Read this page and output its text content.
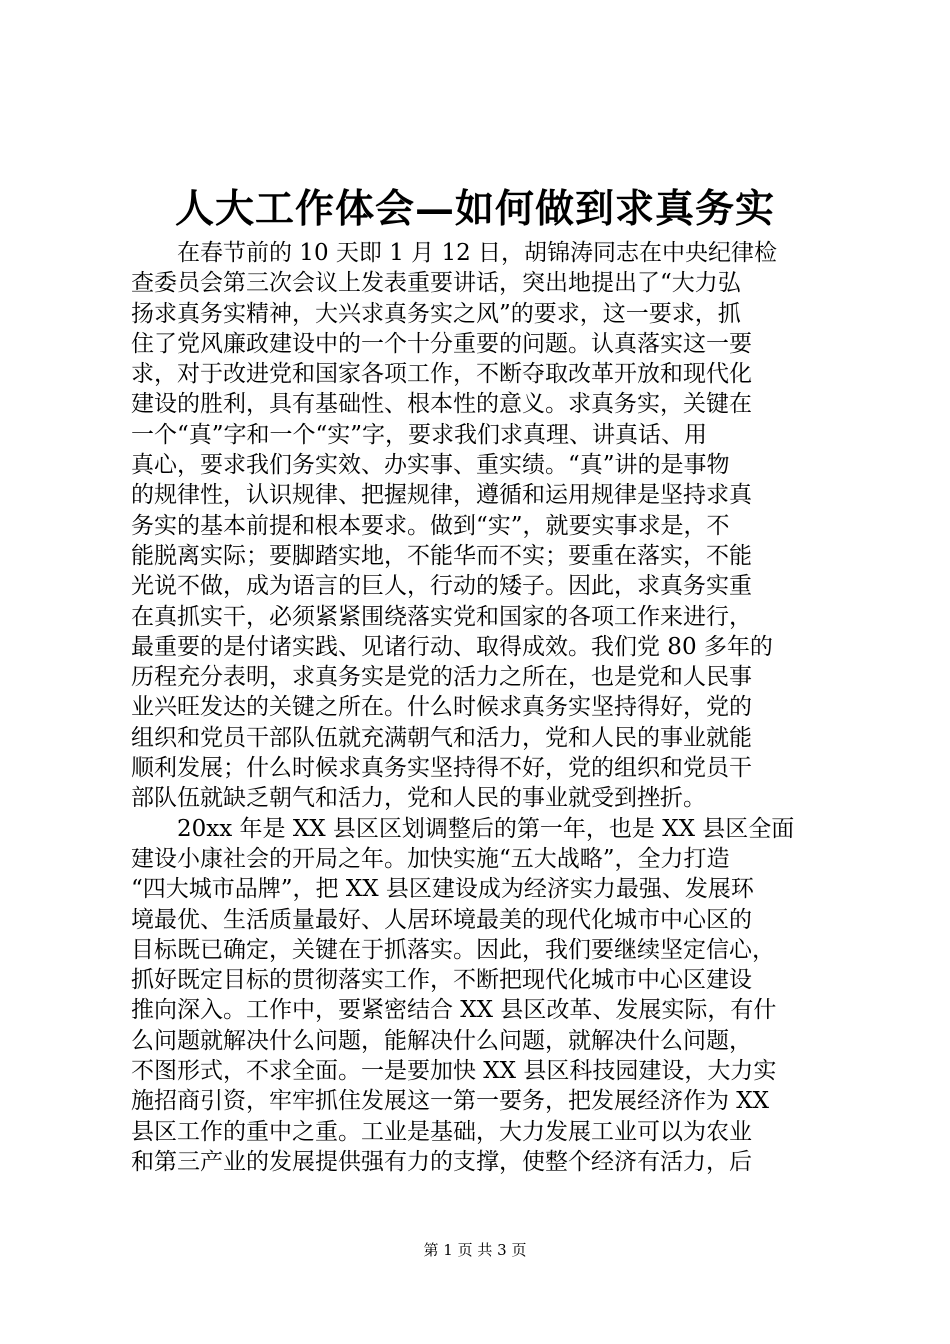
人大工作体会—如何做到求真务实
　　在春节前的 10 天即 1 月 12 日，胡锦涛同志在中央纪律检
查委员会第三次会议上发表重要讲话，突出地提出了“大力弘
扬求真务实精神，大兴求真务实之风”的要求，这一要求，抓
住了党风廉政建设中的一个十分重要的问题。认真落实这一要
求，对于改进党和国家各项工作，不断夺取改革开放和现代化
建设的胜利，具有基础性、根本性的意义。求真务实，关键在
一个“真”字和一个“实”字，要求我们求真理、讲真话、用
真心，要求我们务实效、办实事、重实绩。“真”讲的是事物
的规律性，认识规律、把握规律，遵循和运用规律是坚持求真
务实的基本前提和根本要求。做到“实”，就要实事求是，不
能脱离实际；要脚踏实地，不能华而不实；要重在落实，不能
光说不做，成为语言的巨人，行动的矮子。因此，求真务实重
在真抓实干，必须紧紧围绕落实党和国家的各项工作来进行，
最重要的是付诸实践、见诸行动、取得成效。我们党 80 多年的
历程充分表明，求真务实是党的活力之所在，也是党和人民事
业兴旺发达的关键之所在。什么时候求真务实坚持得好，党的
组织和党员干部队伍就充满朝气和活力，党和人民的事业就能
顺利发展；什么时候求真务实坚持得不好，党的组织和党员干
部队伍就缺乏朝气和活力，党和人民的事业就受到挫折。
　　20xx 年是 XX 县区区划调整后的第一年，也是 XX 县区全面
建设小康社会的开局之年。加快实施“五大战略”，全力打造
“四大城市品牌”，把 XX 县区建设成为经济实力最强、发展环
境最优、生活质量最好、人居环境最美的现代化城市中心区的
目标既已确定，关键在于抓落实。因此，我们要继续坚定信心，
抓好既定目标的贯彻落实工作，不断把现代化城市中心区建设
推向深入。工作中，要紧密结合 XX 县区改革、发展实际，有什
么问题就解决什么问题，能解决什么问题，就解决什么问题，
不图形式，不求全面。一是要加快 XX 县区科技园建设，大力实
施招商引资，牢牢抓住发展这一第一要务，把发展经济作为 XX
县区工作的重中之重。工业是基础，大力发展工业可以为农业
和第三产业的发展提供强有力的支撑，使整个经济有活力，后
第 1 页 共 3 页
